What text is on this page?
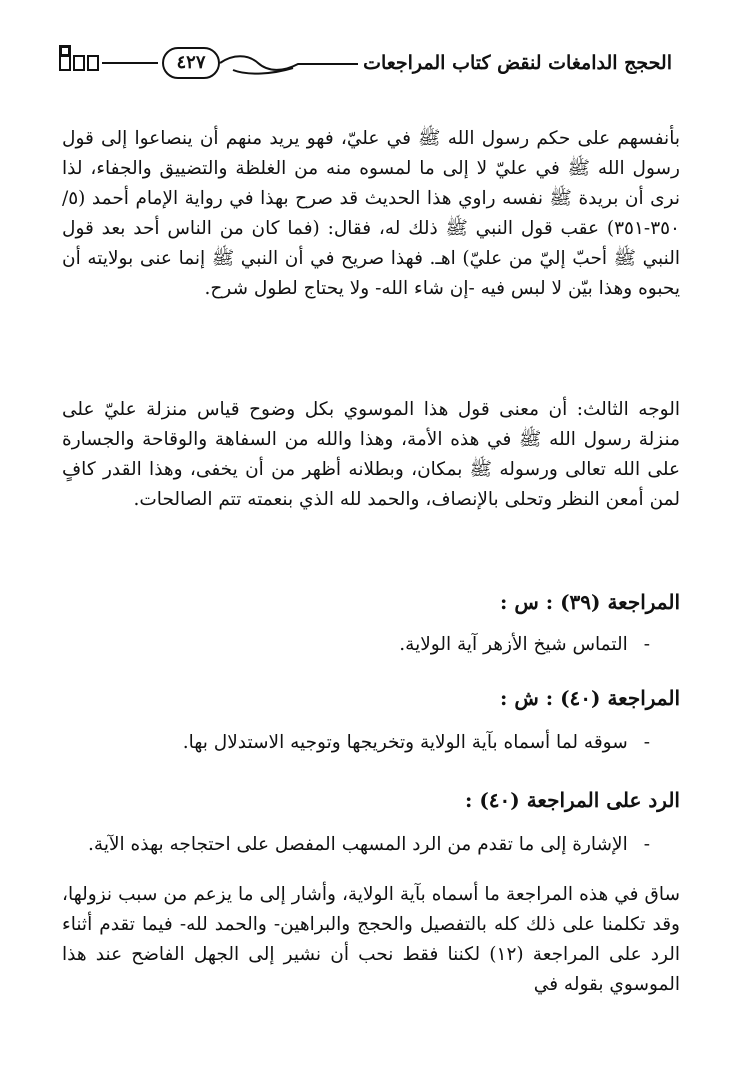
٤٢٧	الحجج الدامغات لنقض كتاب المراجعات
بأنفسهم على حكم رسول الله ﷺ في عليّ، فهو يريد منهم أن ينصاعوا إلى قول رسول الله ﷺ في عليّ لا إلى ما لمسوه منه من الغلظة والتضييق والجفاء، لذا نرى أن بريدة ﷺ نفسه راوي هذا الحديث قد صرح بهذا في رواية الإمام أحمد (٥/ ٣٥٠-٣٥١) عقب قول النبي ﷺ ذلك له، فقال: (فما كان من الناس أحد بعد قول النبي ﷺ أحبّ إليّ من عليّ) اهـ. فهذا صريح في أن النبي ﷺ إنما عنى بولايته أن يحبوه وهذا بيّن لا لبس فيه -إن شاء الله- ولا يحتاج لطول شرح.
الوجه الثالث: أن معنى قول هذا الموسوي بكل وضوح قياس منزلة عليّ على منزلة رسول الله ﷺ في هذه الأمة، وهذا والله من السفاهة والوقاحة والجسارة على الله تعالى ورسوله ﷺ بمكان، وبطلانه أظهر من أن يخفى، وهذا القدر كافٍ لمن أمعن النظر وتحلى بالإنصاف، والحمد لله الذي بنعمته تتم الصالحات.
المراجعة (٣٩) : س :
-التماس شيخ الأزهر آية الولاية.
المراجعة (٤٠) : ش :
-سوقه لما أسماه بآية الولاية وتخريجها وتوجيه الاستدلال بها.
الرد على المراجعة (٤٠) :
-الإشارة إلى ما تقدم من الرد المسهب المفصل على احتجاجه بهذه الآية.
ساق في هذه المراجعة ما أسماه بآية الولاية، وأشار إلى ما يزعم من سبب نزولها، وقد تكلمنا على ذلك كله بالتفصيل والحجج والبراهين- والحمد لله- فيما تقدم أثناء الرد على المراجعة (١٢) لكننا فقط نحب أن نشير إلى الجهل الفاضح عند هذا الموسوي بقوله في
